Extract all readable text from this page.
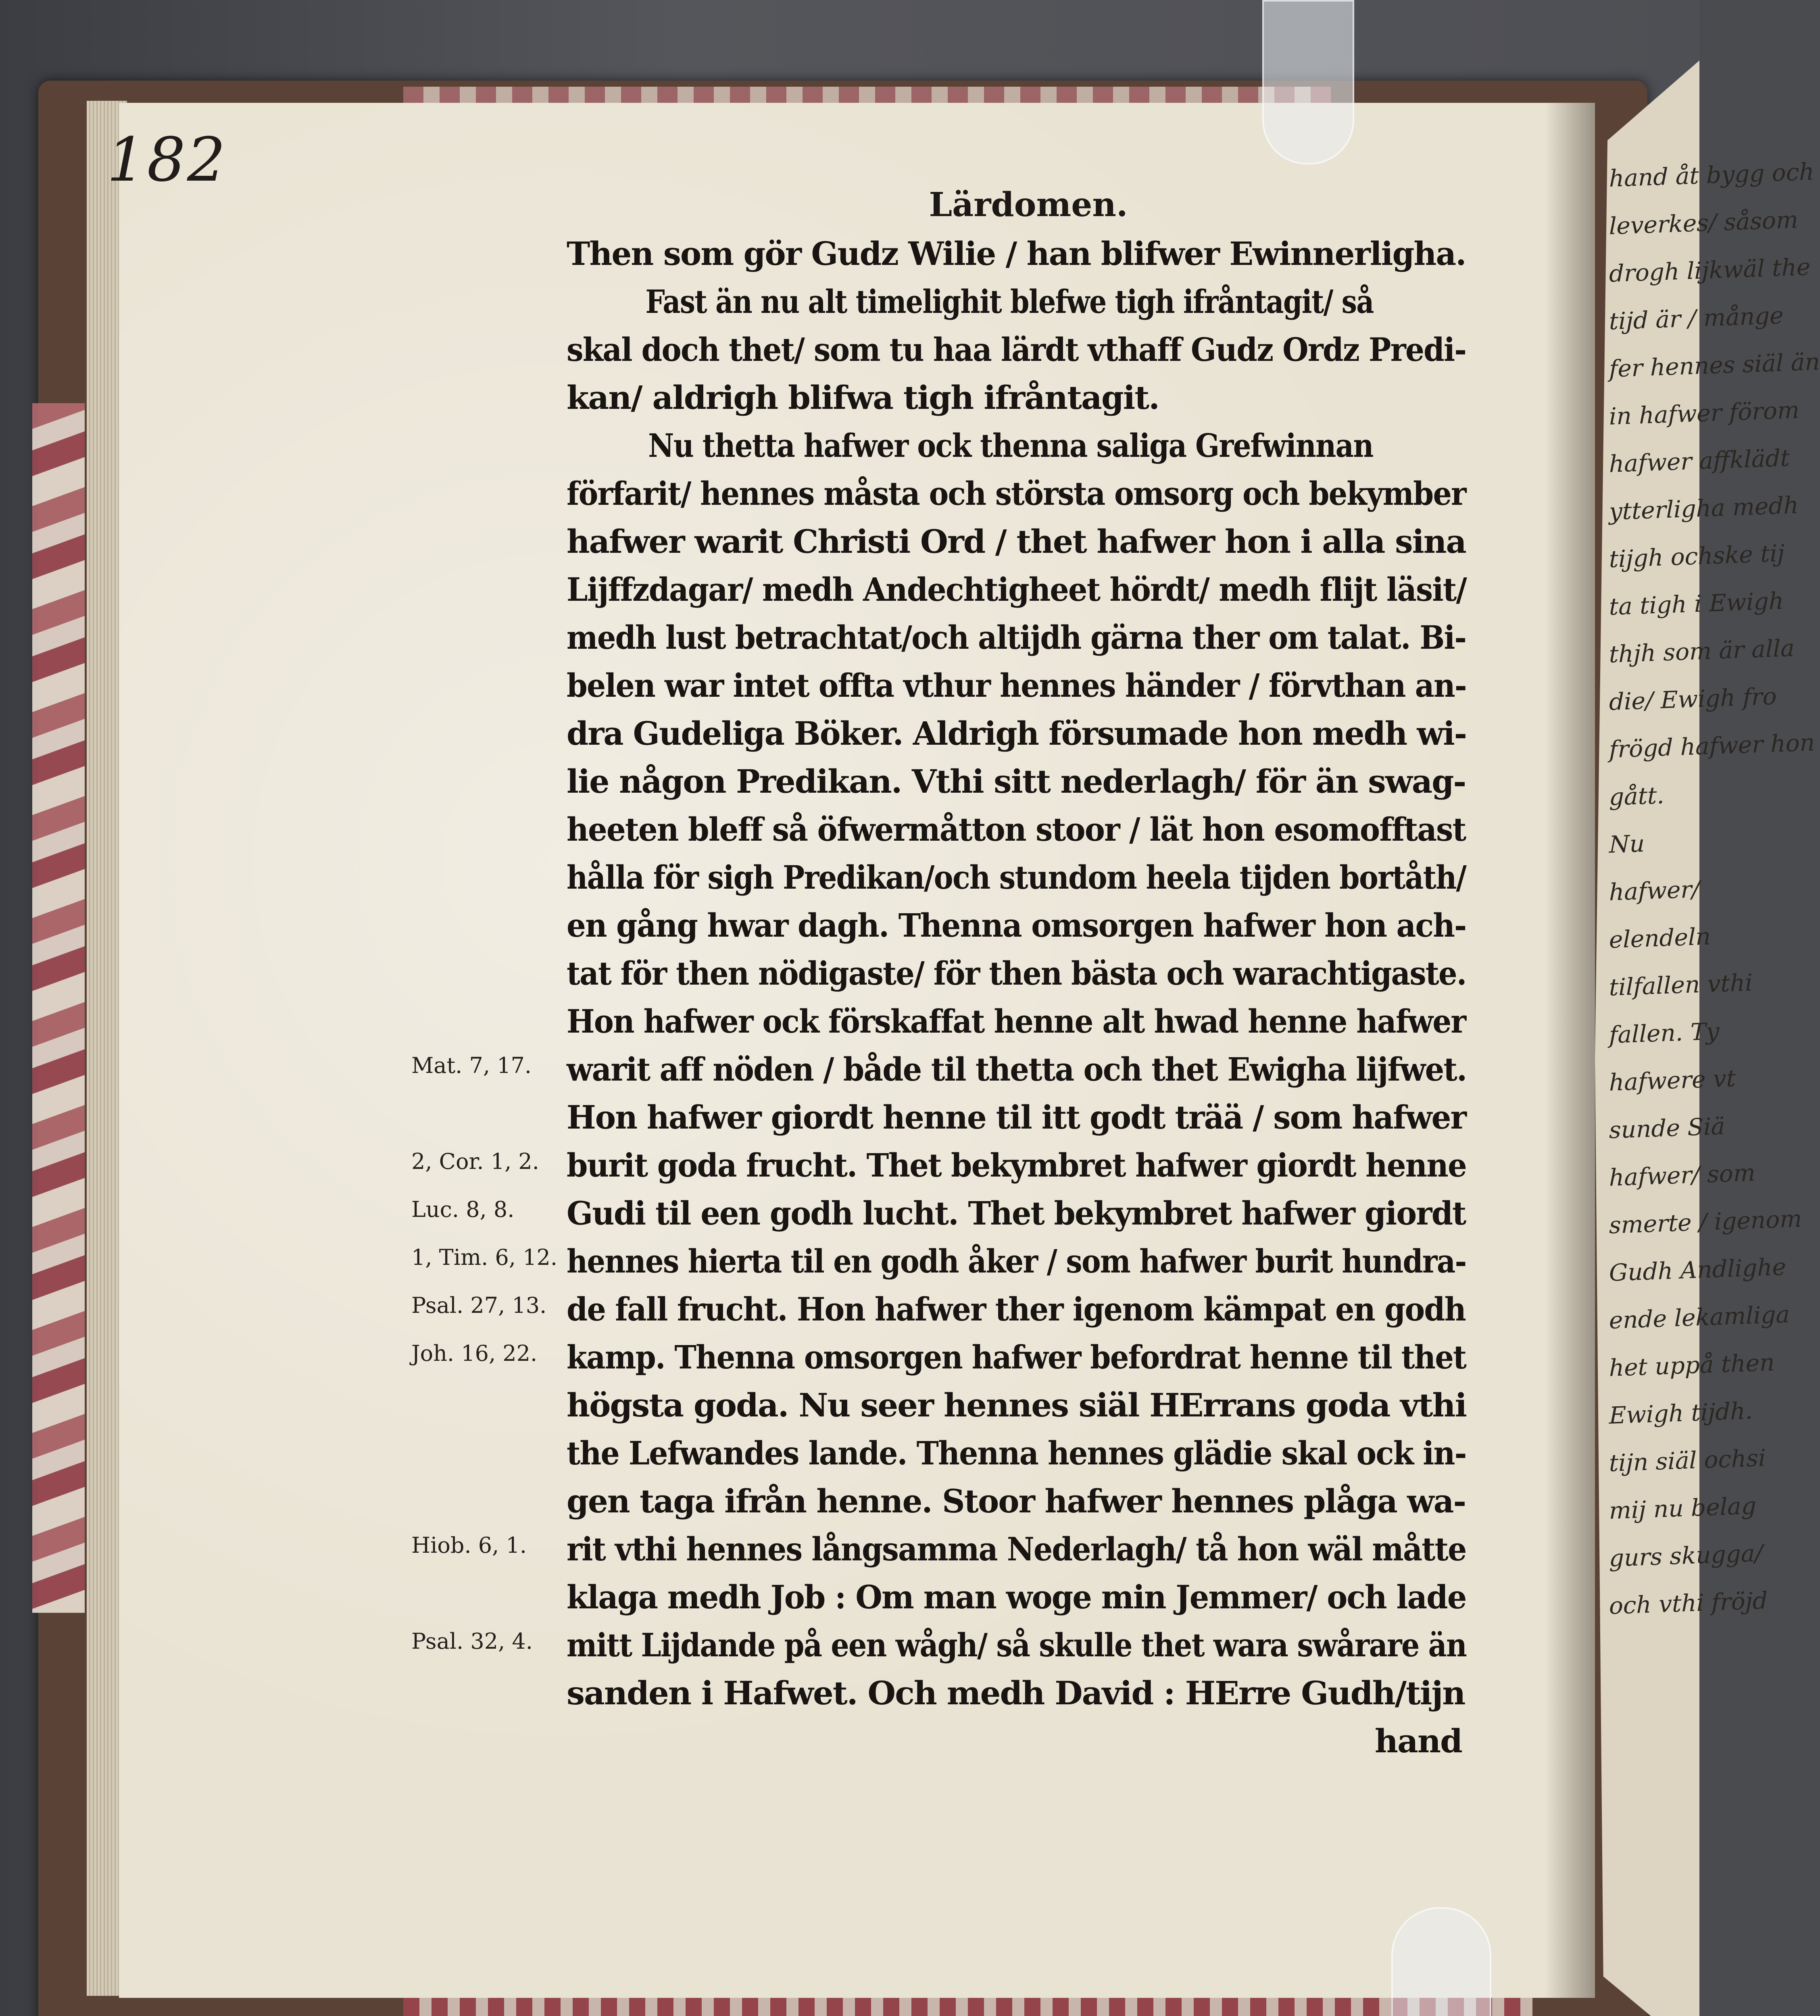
hand åt bygg och
leverkes/ såsom
drogh lijkwäl the
tijd är / månge
fer hennes siäl än
in hafwer förom
hafwer affklädt
ytterligha medh
tijgh ochske tij
ta tigh i Ewigh
thjh som är alla
die/ Ewigh fro
frögd hafwer hon
gått.
Nu
hafwer/
elendeln
tilfallen vthi
fallen. Ty
hafwere vt
sunde Siä
hafwer/ som
smerte / igenom
Gudh Andlighe
ende lekamliga
het uppå then
Ewigh tijdh.
tijn siäl ochsi
mij nu belag
gurs skugga/
och vthi fröjd
182
Lärdomen.
Mat. 7, 17.
2, Cor. 1, 2.
Luc. 8, 8.
1, Tim. 6, 12.
Psal. 27, 13.
Joh. 16, 22.
Hiob. 6, 1.
Psal. 32, 4.
Then som gör Gudz Wilie / han blifwer Ewinnerligha.
Fast än nu alt timelighit blefwe tigh ifråntagit/ så
skal doch thet/ som tu haa lärdt vthaff Gudz Ordz Predi-
kan/ aldrigh blifwa tigh ifråntagit.
Nu thetta hafwer ock thenna saliga Grefwinnan
förfarit/ hennes måsta och största omsorg och bekymber
hafwer warit Christi Ord / thet hafwer hon i alla sina
Lijffzdagar/ medh Andechtigheet hördt/ medh flijt läsit/
medh lust betrachtat/och altijdh gärna ther om talat. Bi-
belen war intet offta vthur hennes händer / förvthan an-
dra Gudeliga Böker. Aldrigh försumade hon medh wi-
lie någon Predikan. Vthi sitt nederlagh/ för än swag-
heeten bleff så öfwermåtton stoor / lät hon esomofftast
hålla för sigh Predikan/och stundom heela tijden bortåth/
en gång hwar dagh. Thenna omsorgen hafwer hon ach-
tat för then nödigaste/ för then bästa och warachtigaste.
Hon hafwer ock förskaffat henne alt hwad henne hafwer
warit aff nöden / både til thetta och thet Ewigha lijfwet.
Hon hafwer giordt henne til itt godt trää / som hafwer
burit goda frucht. Thet bekymbret hafwer giordt henne
Gudi til een godh lucht. Thet bekymbret hafwer giordt
hennes hierta til en godh åker / som hafwer burit hundra-
de fall frucht. Hon hafwer ther igenom kämpat en godh
kamp. Thenna omsorgen hafwer befordrat henne til thet
högsta goda. Nu seer hennes siäl HErrans goda vthi
the Lefwandes lande. Thenna hennes glädie skal ock in-
gen taga ifrån henne. Stoor hafwer hennes plåga wa-
rit vthi hennes långsamma Nederlagh/ tå hon wäl måtte
klaga medh Job : Om man woge min Jemmer/ och lade
mitt Lijdande på een wågh/ så skulle thet wara swårare än
sanden i Hafwet. Och medh David : HErre Gudh/tijn
hand
